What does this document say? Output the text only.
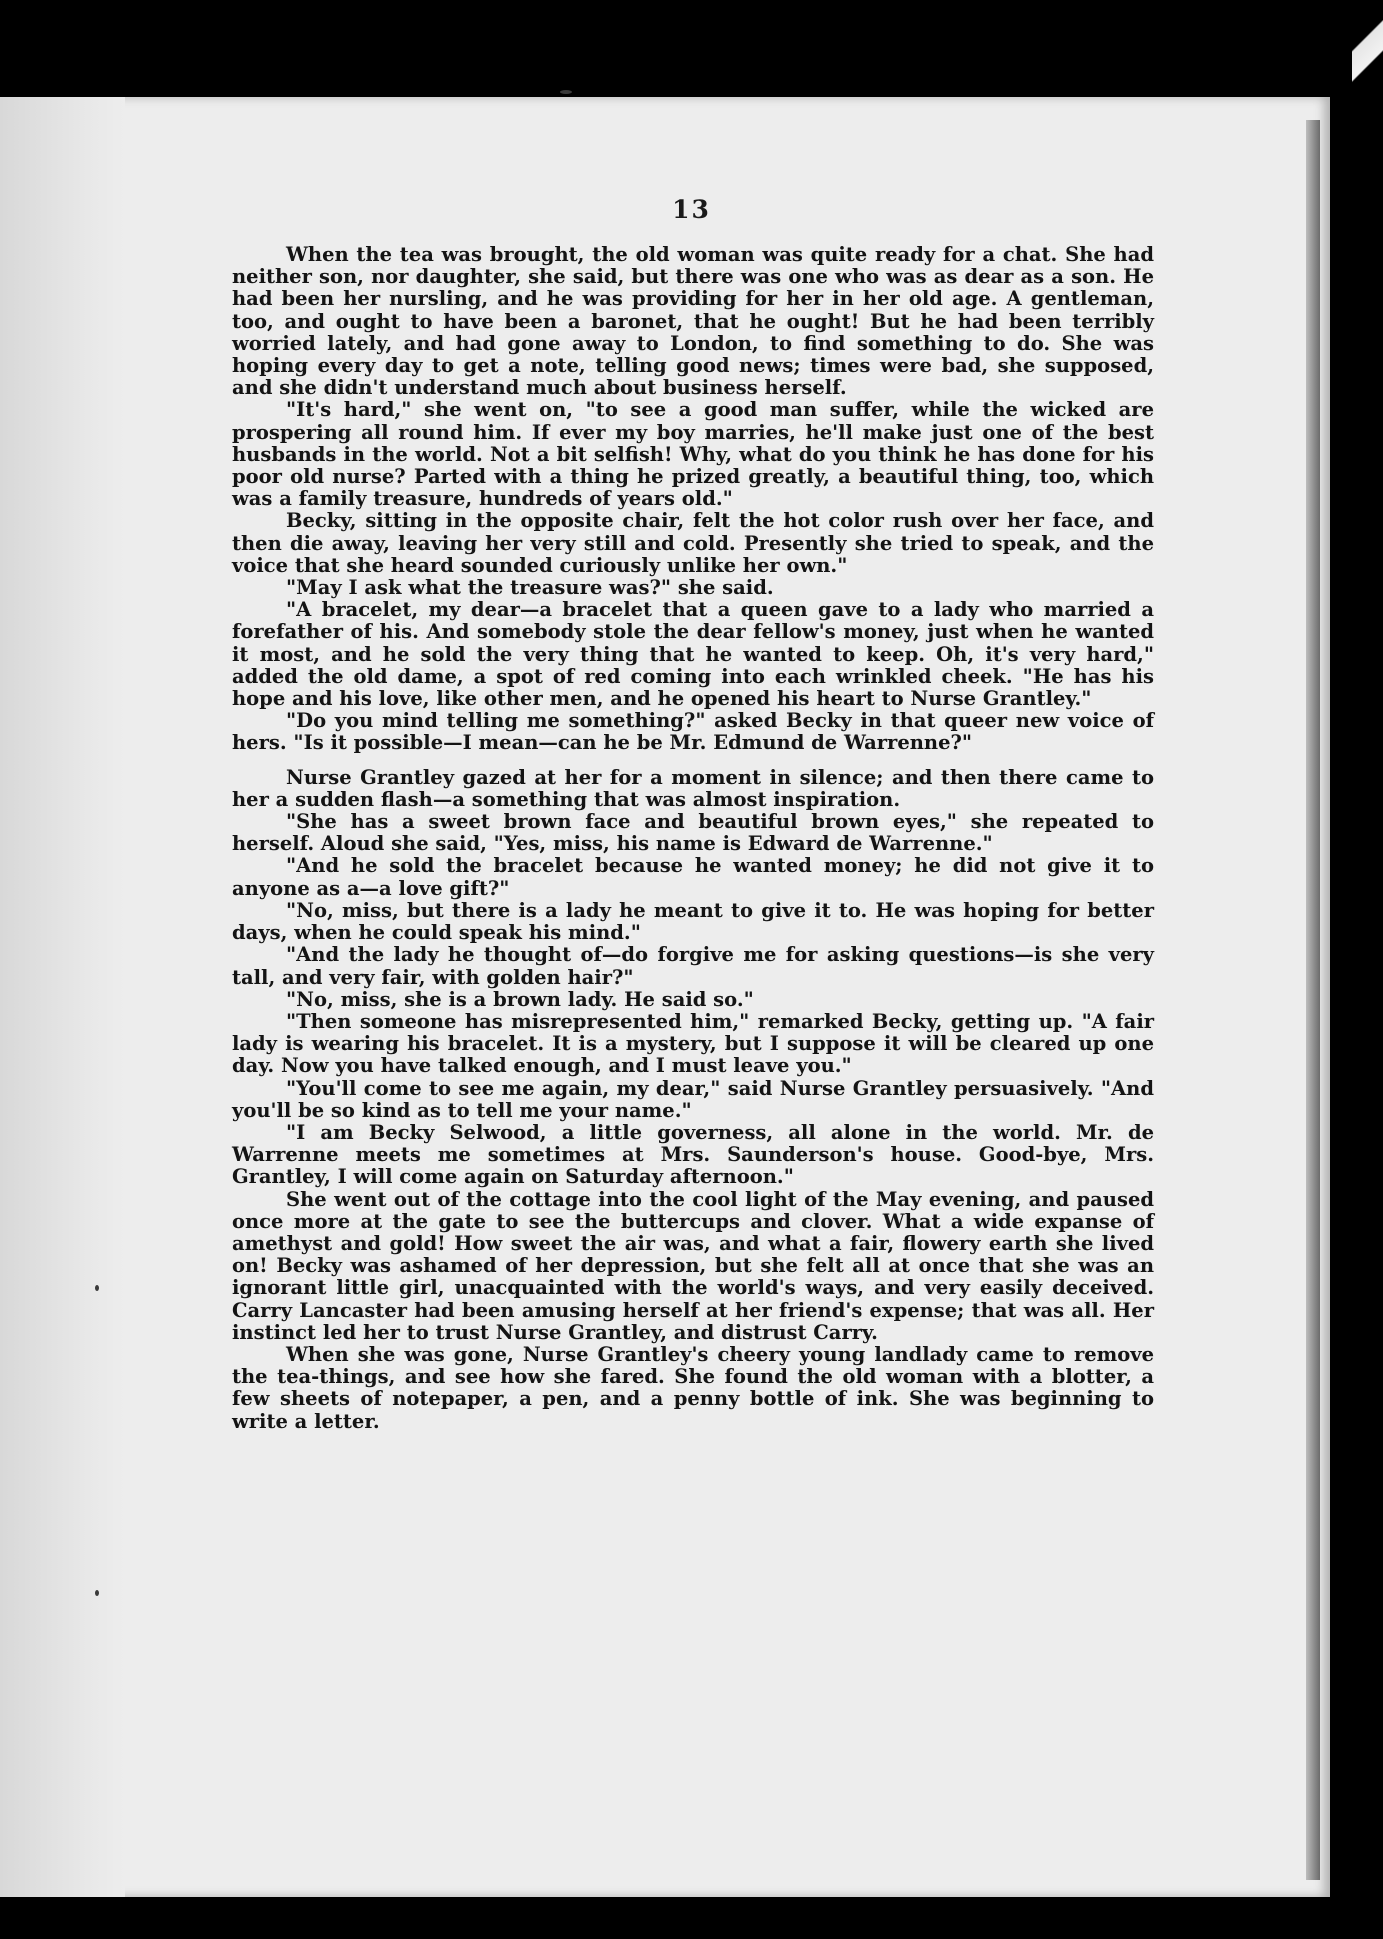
13

When the tea was brought, the old woman was quite ready for a chat. She had neither son, nor daughter, she said, but there was one who was as dear as a son. He had been her nursling, and he was providing for her in her old age. A gentleman, too, and ought to have been a baronet, that he ought! But he had been terribly worried lately, and had gone away to London, to find something to do. She was hoping every day to get a note, telling good news; times were bad, she supposed, and she didn't understand much about business herself.

"It's hard," she went on, "to see a good man suffer, while the wicked are prospering all round him. If ever my boy marries, he'll make just one of the best husbands in the world. Not a bit selfish! Why, what do you think he has done for his poor old nurse? Parted with a thing he prized greatly, a beautiful thing, too, which was a family treasure, hundreds of years old."

Becky, sitting in the opposite chair, felt the hot color rush over her face, and then die away, leaving her very still and cold. Presently she tried to speak, and the voice that she heard sounded curiously unlike her own."

"May I ask what the treasure was?" she said.

"A bracelet, my dear—a bracelet that a queen gave to a lady who married a forefather of his. And somebody stole the dear fellow's money, just when he wanted it most, and he sold the very thing that he wanted to keep. Oh, it's very hard," added the old dame, a spot of red coming into each wrinkled cheek. "He has his hope and his love, like other men, and he opened his heart to Nurse Grantley."

"Do you mind telling me something?" asked Becky in that queer new voice of hers. "Is it possible—I mean—can he be Mr. Edmund de Warrenne?"

Nurse Grantley gazed at her for a moment in silence; and then there came to her a sudden flash—a something that was almost inspiration.

"She has a sweet brown face and beautiful brown eyes," she repeated to herself. Aloud she said, "Yes, miss, his name is Edward de Warrenne."

"And he sold the bracelet because he wanted money; he did not give it to anyone as a—a love gift?"

"No, miss, but there is a lady he meant to give it to. He was hoping for better days, when he could speak his mind."

"And the lady he thought of—do forgive me for asking questions—is she very tall, and very fair, with golden hair?"

"No, miss, she is a brown lady. He said so."

"Then someone has misrepresented him," remarked Becky, getting up. "A fair lady is wearing his bracelet. It is a mystery, but I suppose it will be cleared up one day. Now you have talked enough, and I must leave you."

"You'll come to see me again, my dear," said Nurse Grantley persuasively. "And you'll be so kind as to tell me your name."

"I am Becky Selwood, a little governess, all alone in the world. Mr. de Warrenne meets me sometimes at Mrs. Saunderson's house. Good-bye, Mrs. Grantley, I will come again on Saturday afternoon."

She went out of the cottage into the cool light of the May evening, and paused once more at the gate to see the buttercups and clover. What a wide expanse of amethyst and gold! How sweet the air was, and what a fair, flowery earth she lived on! Becky was ashamed of her depression, but she felt all at once that she was an ignorant little girl, unacquainted with the world's ways, and very easily deceived. Carry Lancaster had been amusing herself at her friend's expense; that was all. Her instinct led her to trust Nurse Grantley, and distrust Carry.

When she was gone, Nurse Grantley's cheery young landlady came to remove the tea-things, and see how she fared. She found the old woman with a blotter, a few sheets of notepaper, a pen, and a penny bottle of ink. She was beginning to write a letter.
